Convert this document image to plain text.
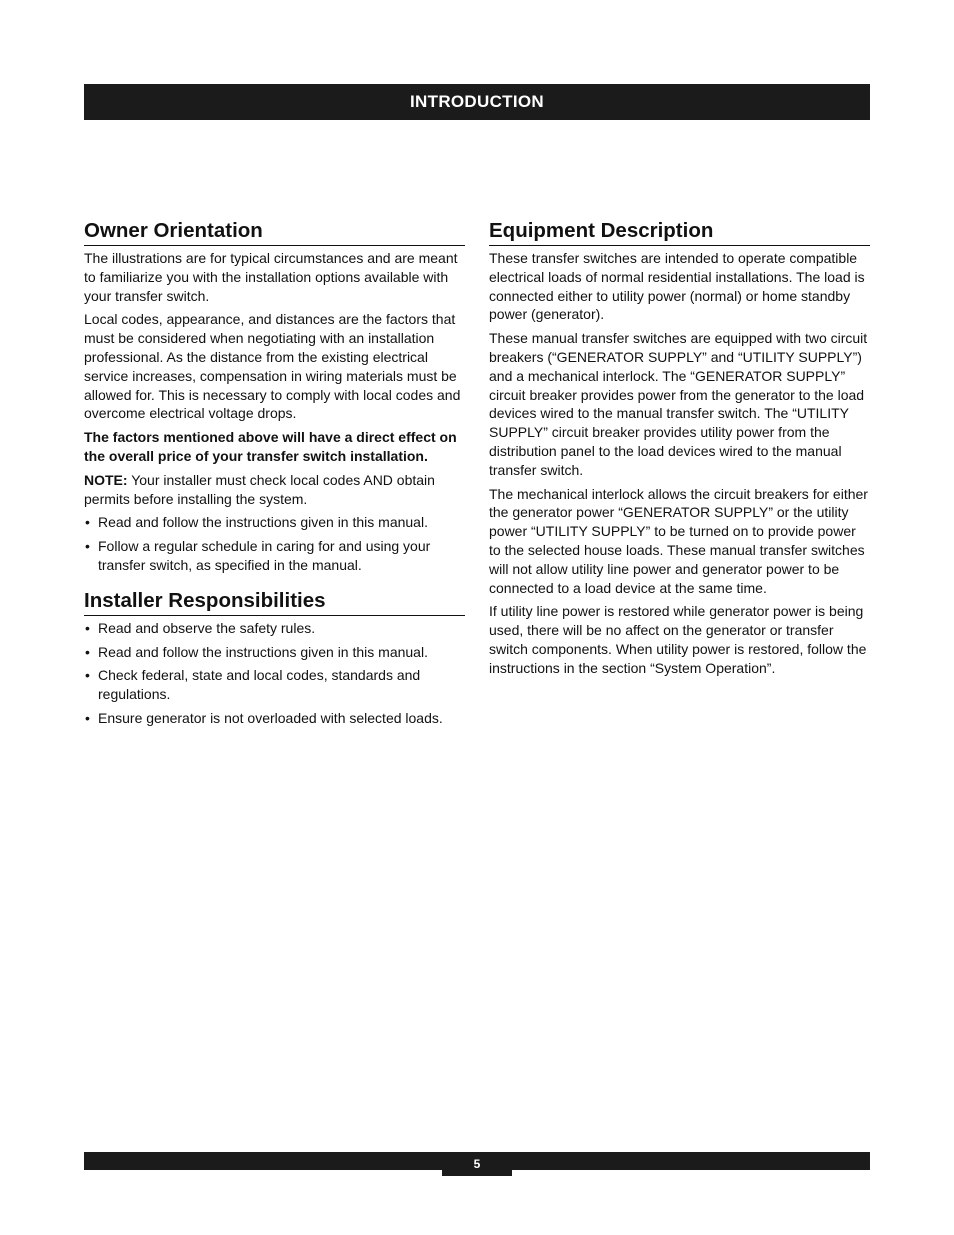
INTRODUCTION
Owner Orientation

The illustrations are for typical circumstances and are meant to familiarize you with the installation options available with your transfer switch.

Local codes, appearance, and distances are the factors that must be considered when negotiating with an installation professional. As the distance from the existing electrical service increases, compensation in wiring materials must be allowed for. This is necessary to comply with local codes and overcome electrical voltage drops.

The factors mentioned above will have a direct effect on the overall price of your transfer switch installation.

NOTE: Your installer must check local codes AND obtain permits before installing the system.

• Read and follow the instructions given in this manual.
• Follow a regular schedule in caring for and using your transfer switch, as specified in the manual.
Installer Responsibilities
• Read and observe the safety rules.
• Read and follow the instructions given in this manual.
• Check federal, state and local codes, standards and regulations.
• Ensure generator is not overloaded with selected loads.
Equipment Description

These transfer switches are intended to operate compatible electrical loads of normal residential installations. The load is connected either to utility power (normal) or home standby power (generator).

These manual transfer switches are equipped with two circuit breakers (“GENERATOR SUPPLY” and “UTILITY SUPPLY”) and a mechanical interlock. The “GENERATOR SUPPLY” circuit breaker provides power from the generator to the load devices wired to the manual transfer switch. The “UTILITY SUPPLY” circuit breaker provides utility power from the distribution panel to the load devices wired to the manual transfer switch.

The mechanical interlock allows the circuit breakers for either the generator power “GENERATOR SUPPLY” or the utility power “UTILITY SUPPLY” to be turned on to provide power to the selected house loads. These manual transfer switches will not allow utility line power and generator power to be connected to a load device at the same time.

If utility line power is restored while generator power is being used, there will be no affect on the generator or transfer switch components. When utility power is restored, follow the instructions in the section “System Operation”.

5
